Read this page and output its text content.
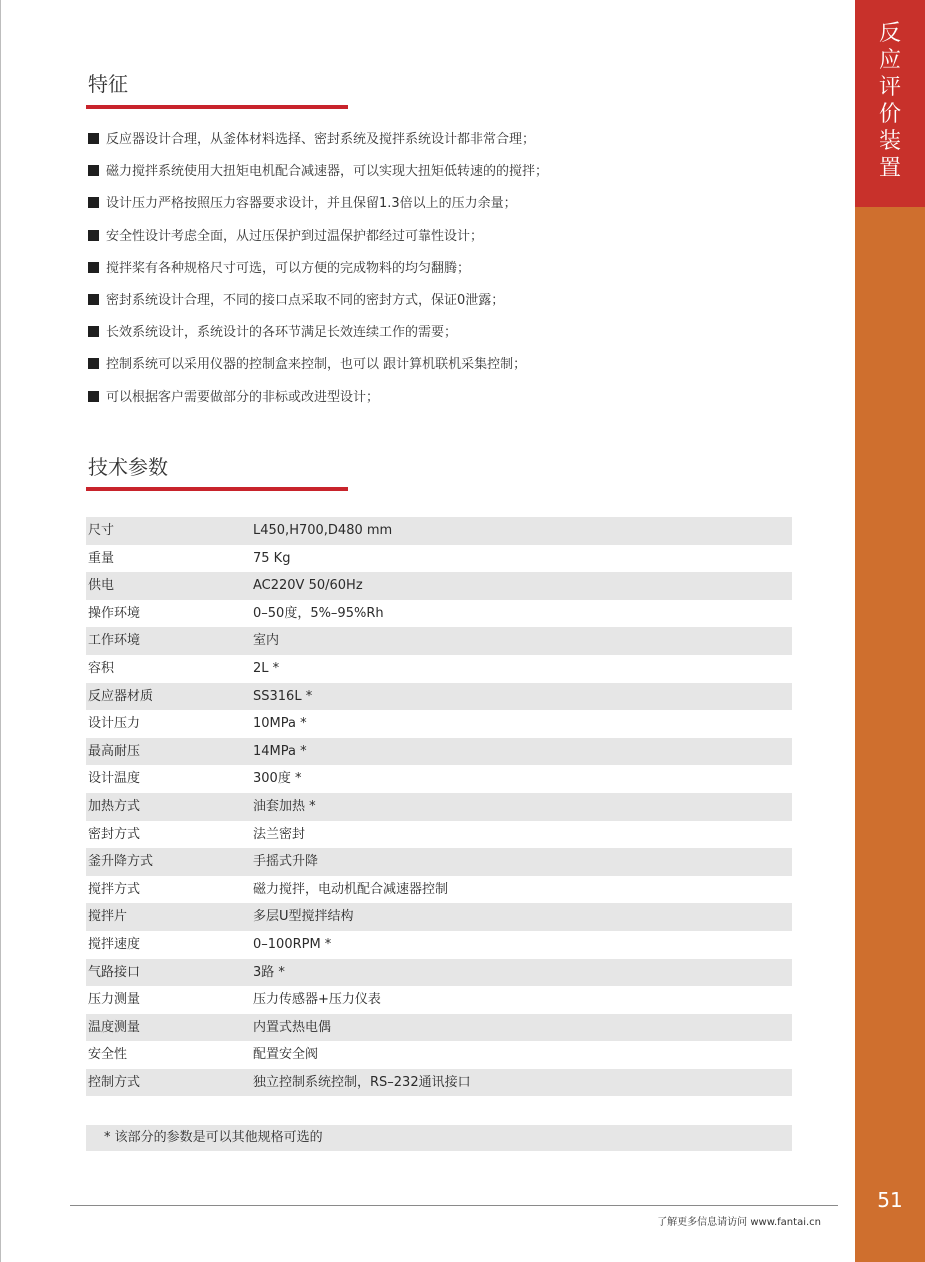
反
应
评
价
装
置
51
特征
反应器设计合理，从釜体材料选择、密封系统及搅拌系统设计都非常合理；
磁力搅拌系统使用大扭矩电机配合减速器，可以实现大扭矩低转速的的搅拌；
设计压力严格按照压力容器要求设计，并且保留1.3倍以上的压力余量；
安全性设计考虑全面，从过压保护到过温保护都经过可靠性设计；
搅拌桨有各种规格尺寸可选，可以方便的完成物料的均匀翻腾；
密封系统设计合理，不同的接口点采取不同的密封方式，保证0泄露；
长效系统设计，系统设计的各环节满足长效连续工作的需要；
控制系统可以采用仪器的控制盒来控制，也可以 跟计算机联机采集控制；
可以根据客户需要做部分的非标或改进型设计；
技术参数
尺寸	L450,H700,D480 mm
重量	75 Kg
供电	AC220V 50/60Hz
操作环境	0–50度，5%–95%Rh
工作环境	室内
容积	2L *
反应器材质	SS316L *
设计压力	10MPa *
最高耐压	14MPa *
设计温度	300度 *
加热方式	油套加热 *
密封方式	法兰密封
釜升降方式	手摇式升降
搅拌方式	磁力搅拌，电动机配合减速器控制
搅拌片	多层U型搅拌结构
搅拌速度	0–100RPM *
气路接口	3路 *
压力测量	压力传感器+压力仪表
温度测量	内置式热电偶
安全性	配置安全阀
控制方式	独立控制系统控制，RS–232通讯接口
* 该部分的参数是可以其他规格可选的
了解更多信息请访问 www.fantai.cn
